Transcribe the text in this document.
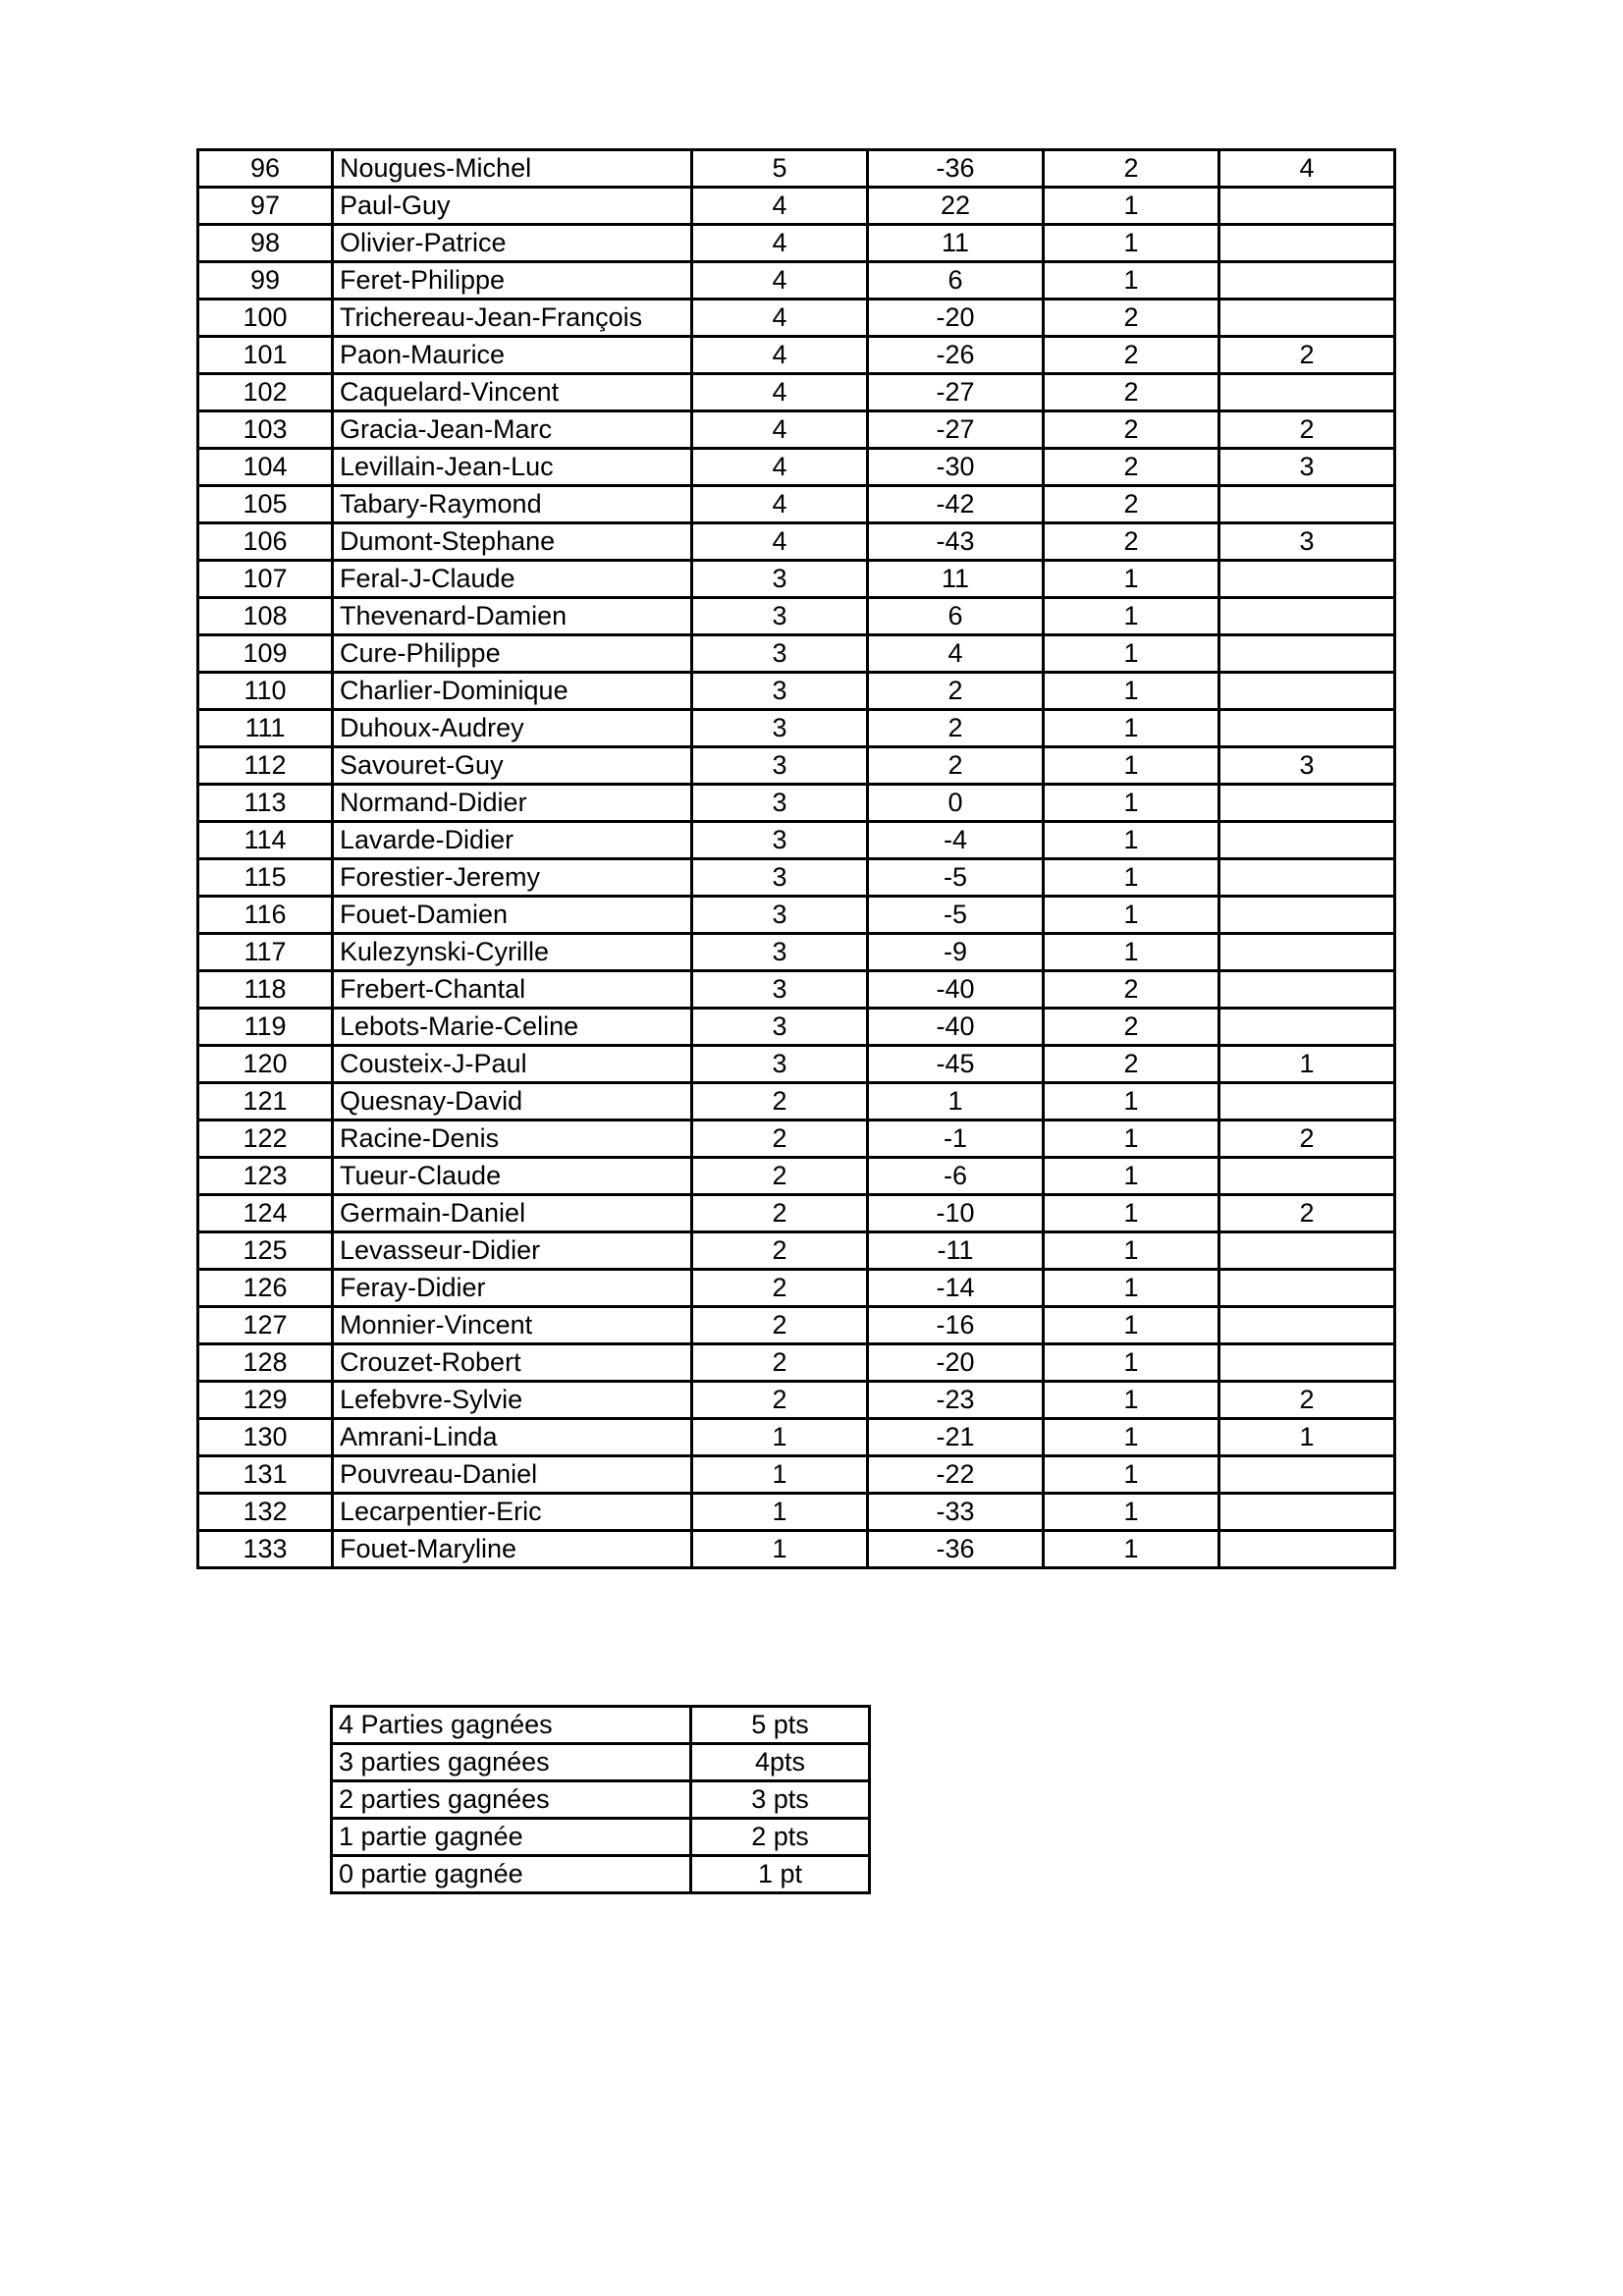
96	Nougues-Michel	5	-36	2	4
97	Paul-Guy	4	22	1	
98	Olivier-Patrice	4	11	1	
99	Feret-Philippe	4	6	1	
100	Trichereau-Jean-François	4	-20	2	
101	Paon-Maurice	4	-26	2	2
102	Caquelard-Vincent	4	-27	2	
103	Gracia-Jean-Marc	4	-27	2	2
104	Levillain-Jean-Luc	4	-30	2	3
105	Tabary-Raymond	4	-42	2	
106	Dumont-Stephane	4	-43	2	3
107	Feral-J-Claude	3	11	1	
108	Thevenard-Damien	3	6	1	
109	Cure-Philippe	3	4	1	
110	Charlier-Dominique	3	2	1	
111	Duhoux-Audrey	3	2	1	
112	Savouret-Guy	3	2	1	3
113	Normand-Didier	3	0	1	
114	Lavarde-Didier	3	-4	1	
115	Forestier-Jeremy	3	-5	1	
116	Fouet-Damien	3	-5	1	
117	Kulezynski-Cyrille	3	-9	1	
118	Frebert-Chantal	3	-40	2	
119	Lebots-Marie-Celine	3	-40	2	
120	Cousteix-J-Paul	3	-45	2	1
121	Quesnay-David	2	1	1	
122	Racine-Denis	2	-1	1	2
123	Tueur-Claude	2	-6	1	
124	Germain-Daniel	2	-10	1	2
125	Levasseur-Didier	2	-11	1	
126	Feray-Didier	2	-14	1	
127	Monnier-Vincent	2	-16	1	
128	Crouzet-Robert	2	-20	1	
129	Lefebvre-Sylvie	2	-23	1	2
130	Amrani-Linda	1	-21	1	1
131	Pouvreau-Daniel	1	-22	1	
132	Lecarpentier-Eric	1	-33	1	
133	Fouet-Maryline	1	-36	1	
4 Parties gagnées	5 pts
3 parties gagnées	4pts
2 parties gagnées	3 pts
1 partie gagnée	2 pts
0 partie gagnée	1 pt
